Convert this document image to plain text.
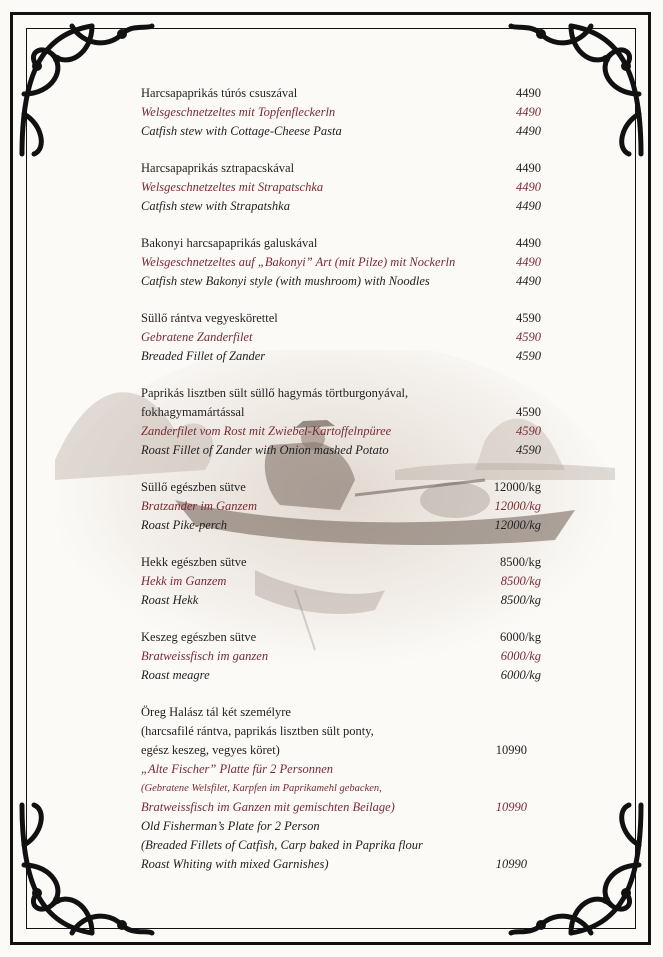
Harcsapaprikás túrós csuszával	4490
Welsgeschnetzeltes mit Topfenfleckerln	4490
Catfish stew with Cottage-Cheese Pasta	4490
Harcsapaprikás sztrapacskával	4490
Welsgeschnetzeltes mit Strapatschka	4490
Catfish stew with Strapatshka	4490
Bakonyi harcsapaprikás galuskával	4490
Welsgeschnetzeltes auf „Bakonyi” Art (mit Pilze) mit Nockerln	4490
Catfish stew Bakonyi style (with mushroom) with Noodles	4490
Süllő rántva vegyeskörettel	4590
Gebratene Zanderfilet	4590
Breaded Fillet of Zander	4590
Paprikás lisztben sült süllő hagymás törtburgonyával,
fokhagymamártással	4590
Zanderfilet vom Rost mit Zwiebel-Kartoffelnpüree	4590
Roast Fillet of Zander with Onion mashed Potato	4590
Süllő egészben sütve	12000/kg
Bratzander im Ganzem	12000/kg
Roast Pike-perch	12000/kg
Hekk egészben sütve	8500/kg
Hekk im Ganzem	8500/kg
Roast Hekk	8500/kg
Keszeg egészben sütve	6000/kg
Bratweissfisch im ganzen	6000/kg
Roast meagre	6000/kg
Öreg Halász tál két személyre
(harcsafilé rántva, paprikás lisztben sült ponty,
egész keszeg, vegyes köret)	10990
„Alte Fischer” Platte für 2 Personnen
(Gebratene Welsfilet, Karpfen im Paprikamehl gebacken,
Bratweissfisch im Ganzen mit gemischten Beilage)	10990
Old Fisherman’s Plate for 2 Person
(Breaded Fillets of Catfish, Carp baked in Paprika flour
Roast Whiting with mixed Garnishes)	10990
